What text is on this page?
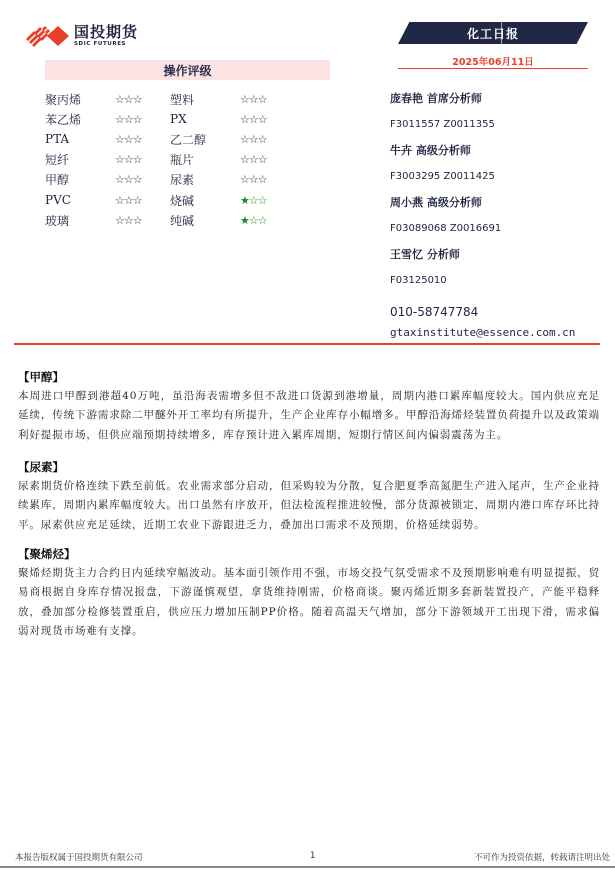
国投期货
SDIC FUTURES
化工 日报
2025年06月11日
操作评级
聚丙烯	☆☆☆	塑料	☆☆☆
苯乙烯	☆☆☆	PX	☆☆☆
PTA	☆☆☆	乙二醇	☆☆☆
短纤	☆☆☆	瓶片	☆☆☆
甲醇	☆☆☆	尿素	☆☆☆
PVC	☆☆☆	烧碱	★☆☆
玻璃	☆☆☆	纯碱	★☆☆
庞春艳 首席分析师
F3011557 Z0011355
牛卉 高级分析师
F3003295 Z0011425
周小燕 高级分析师
F03089068 Z0016691
王雪忆 分析师
F03125010
010-58747784
gtaxinstitute@essence.com.cn
【甲醇】
本周进口甲醇到港超40万吨，虽沿海表需增多但不敌进口货源到港增量，周期内港口累库幅度较大。国内供应充足延续，传统下游需求除二甲醚外开工率均有所提升，生产企业库存小幅增多。甲醇沿海烯烃装置负荷提升以及政策端利好提振市场，但供应端预期持续增多，库存预计进入累库周期，短期行情区间内偏弱震荡为主。
【尿素】
尿素期货价格连续下跌至前低。农业需求部分启动，但采购较为分散，复合肥夏季高氮肥生产进入尾声，生产企业持续累库，周期内累库幅度较大。出口虽然有序放开，但法检流程推进较慢，部分货源被锁定，周期内港口库存环比持平。尿素供应充足延续，近期工农业下游跟进乏力，叠加出口需求不及预期，价格延续弱势。
【聚烯烃】
聚烯烃期货主力合约日内延续窄幅波动。基本面引领作用不强，市场交投气氛受需求不及预期影响难有明显提振，贸易商根据自身库存情况报盘，下游谨慎观望，拿货维持刚需，价格商谈。聚丙烯近期多套新装置投产，产能平稳释放，叠加部分检修装置重启，供应压力增加压制PP价格。随着高温天气增加，部分下游领域开工出现下滑，需求偏弱对现货市场难有支撑。
本报告版权属于国投期货有限公司	不可作为投资依据，转载请注明出处
1
